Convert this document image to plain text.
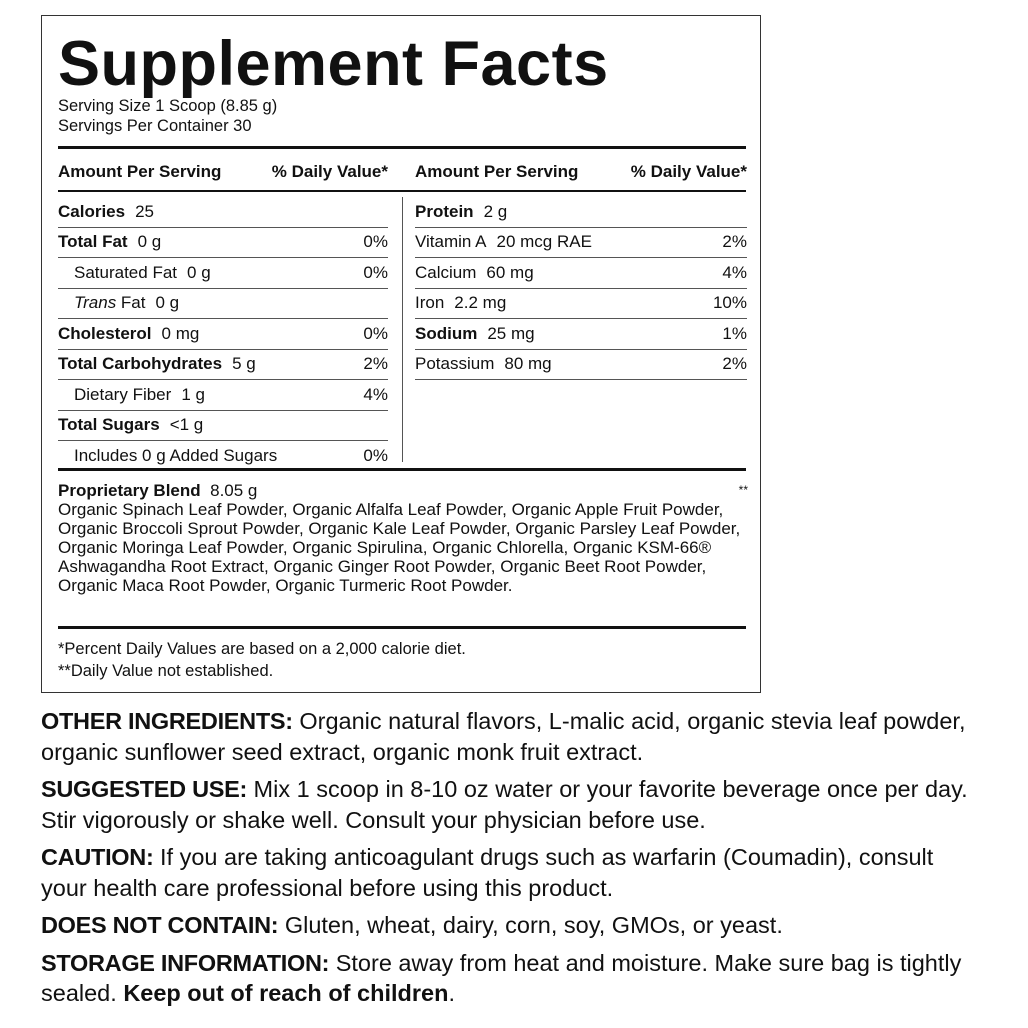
Supplement Facts
Serving Size 1 Scoop (8.85 g)
Servings Per Container 30
Amount Per Serving	% Daily Value* Amount Per Serving	% Daily Value*
Calories 25
Total Fat 0 g	0%
Saturated Fat 0 g	0%
Trans Fat 0 g
Cholesterol 0 mg	0%
Total Carbohydrates 5 g	2%
Dietary Fiber 1 g	4%
Total Sugars <1 g
Includes 0 g Added Sugars	0%
Protein 2 g
Vitamin A 20 mcg RAE	2%
Calcium 60 mg	4%
Iron 2.2 mg	10%
Sodium 25 mg	1%
Potassium 80 mg	2%
Proprietary Blend 8.05 g	**
Organic Spinach Leaf Powder, Organic Alfalfa Leaf Powder, Organic Apple Fruit Powder, Organic Broccoli Sprout Powder, Organic Kale Leaf Powder, Organic Parsley Leaf Powder, Organic Moringa Leaf Powder, Organic Spirulina, Organic Chlorella, Organic KSM-66® Ashwagandha Root Extract, Organic Ginger Root Powder, Organic Beet Root Powder, Organic Maca Root Powder, Organic Turmeric Root Powder.
*Percent Daily Values are based on a 2,000 calorie diet.
**Daily Value not established.

OTHER INGREDIENTS: Organic natural flavors, L-malic acid, organic stevia leaf powder, organic sunflower seed extract, organic monk fruit extract.

SUGGESTED USE: Mix 1 scoop in 8-10 oz water or your favorite beverage once per day. Stir vigorously or shake well. Consult your physician before use.

CAUTION: If you are taking anticoagulant drugs such as warfarin (Coumadin), consult your health care professional before using this product.

DOES NOT CONTAIN: Gluten, wheat, dairy, corn, soy, GMOs, or yeast.

STORAGE INFORMATION: Store away from heat and moisture. Make sure bag is tightly sealed. Keep out of reach of children.
